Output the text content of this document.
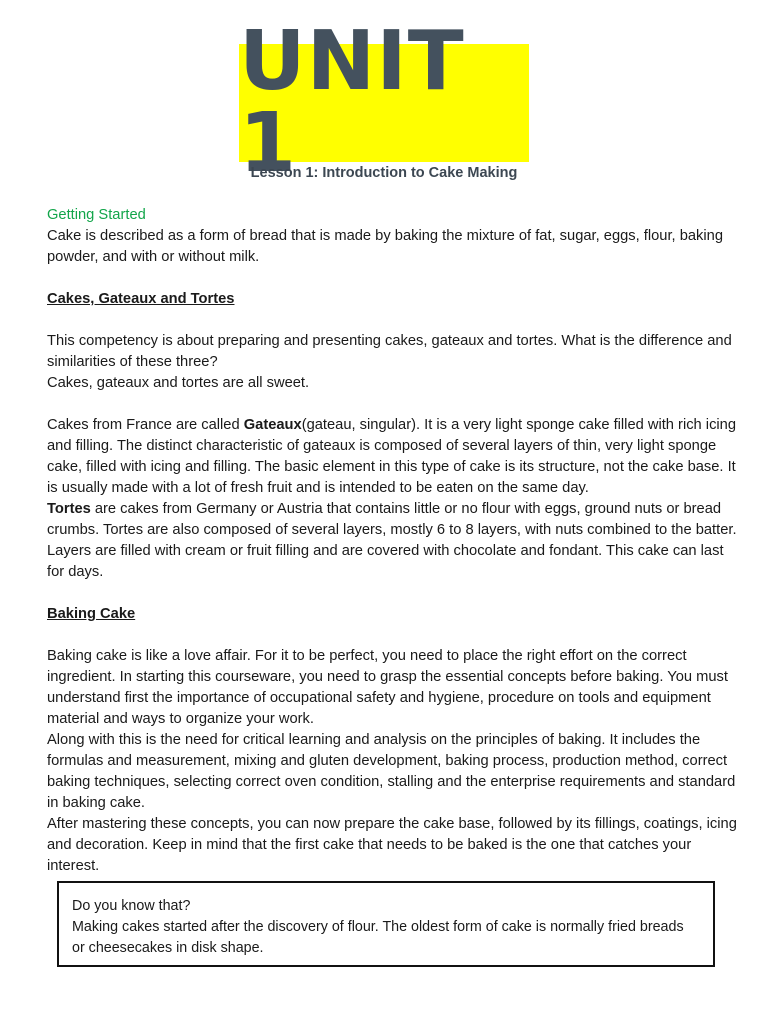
UNIT 1
Lesson 1: Introduction to Cake Making

Getting Started

Cake is described as a form of bread that is made by baking the mixture of fat, sugar, eggs, flour, baking powder, and with or without milk.

Cakes, Gateaux and Tortes

This competency is about preparing and presenting cakes, gateaux and tortes. What is the difference and similarities of these three?

Cakes, gateaux and tortes are all sweet.

Cakes from France are called Gateaux(gateau, singular). It is a very light sponge cake filled with rich icing and filling. The distinct characteristic of gateaux is composed of several layers of thin, very light sponge cake, filled with icing and filling. The basic element in this type of cake is its structure, not the cake base. It is usually made with a lot of fresh fruit and is intended to be eaten on the same day.

Tortes are cakes from Germany or Austria that contains little or no flour with eggs, ground nuts or bread crumbs. Tortes are also composed of several layers, mostly 6 to 8 layers, with nuts combined to the batter. Layers are filled with cream or fruit filling and are covered with chocolate and fondant. This cake can last for days.

Baking Cake

Baking cake is like a love affair. For it to be perfect, you need to place the right effort on the correct ingredient. In starting this courseware, you need to grasp the essential concepts before baking. You must understand first the importance of occupational safety and hygiene, procedure on tools and equipment material and ways to organize your work.

Along with this is the need for critical learning and analysis on the principles of baking. It includes the formulas and measurement, mixing and gluten development, baking process, production method, correct baking techniques, selecting correct oven condition, stalling and the enterprise requirements and standard in baking cake.

After mastering these concepts, you can now prepare the cake base, followed by its fillings, coatings, icing and decoration. Keep in mind that the first cake that needs to be baked is the one that catches your interest.

Do you know that?

Making cakes started after the discovery of flour. The oldest form of cake is normally fried breads or cheesecakes in disk shape.
